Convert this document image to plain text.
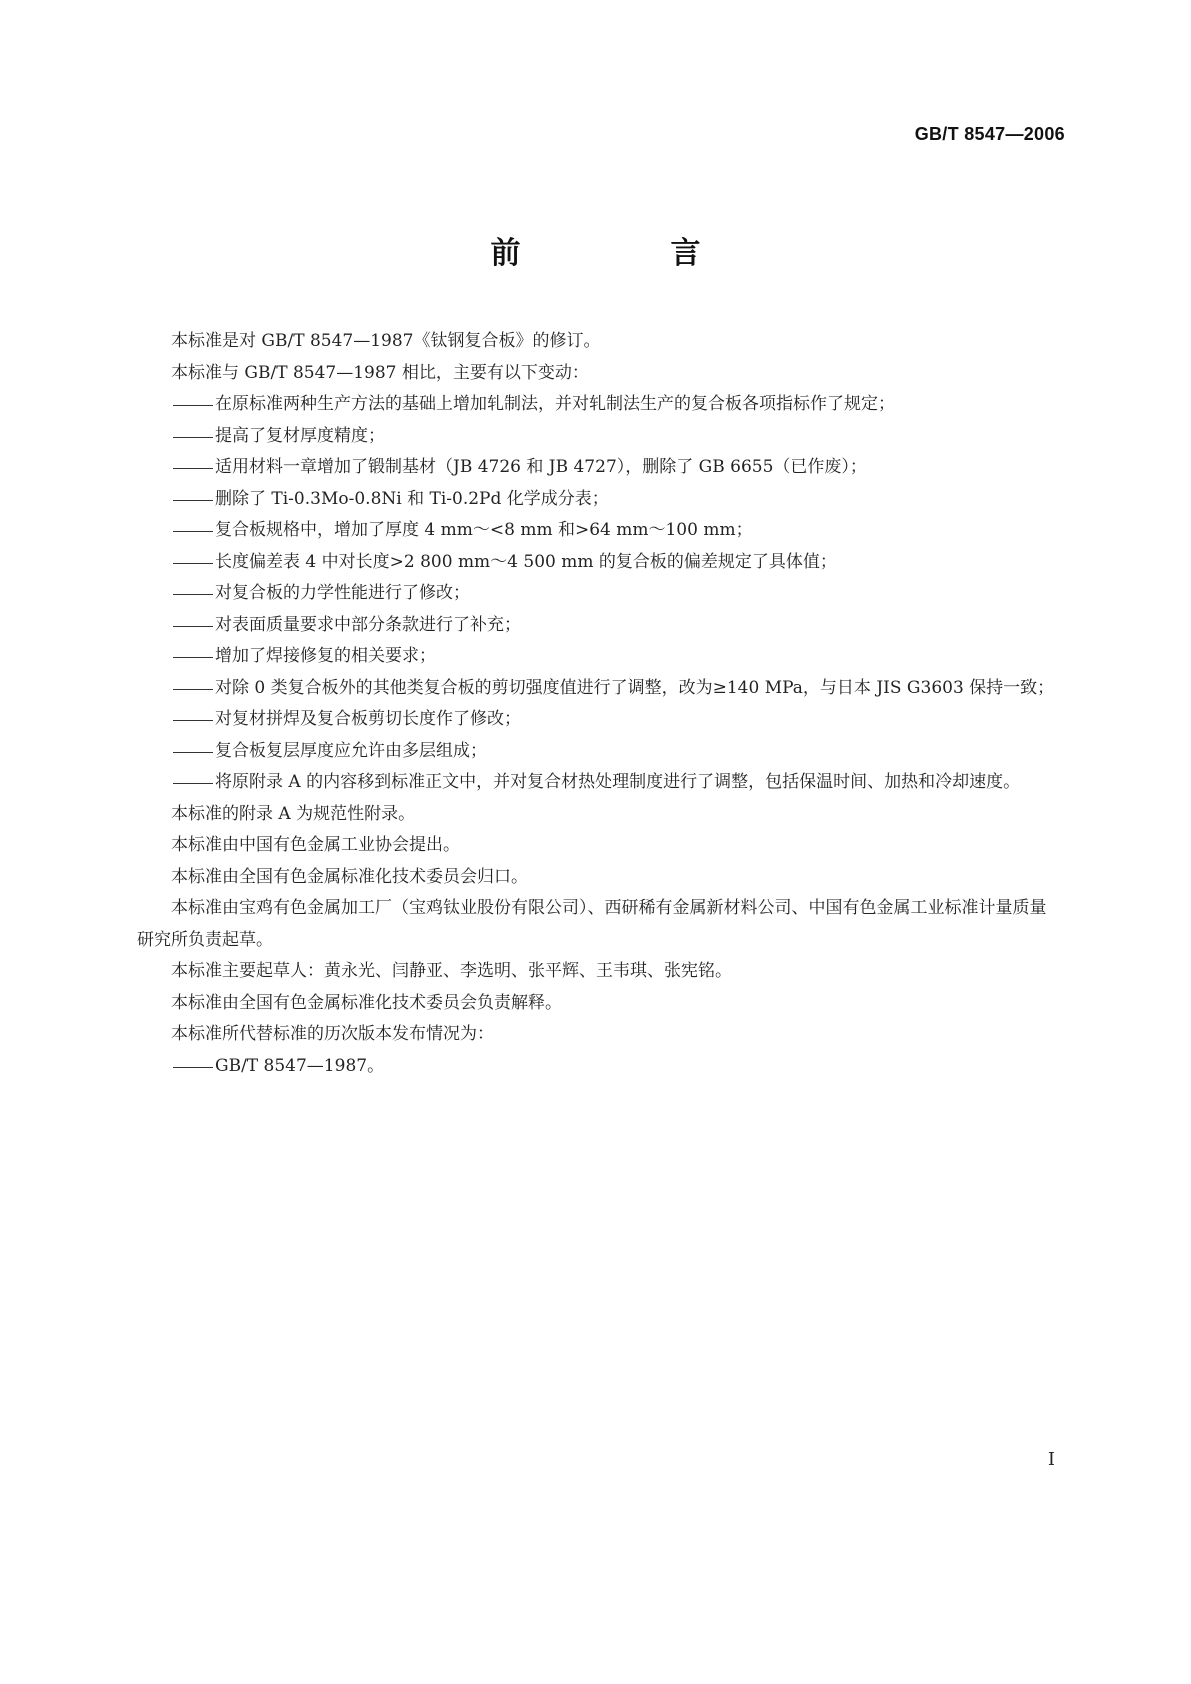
GB/T 8547—2006
前　言

本标准是对 GB/T 8547—1987《钛钢复合板》的修订。

本标准与 GB/T 8547—1987 相比，主要有以下变动：

在原标准两种生产方法的基础上增加轧制法，并对轧制法生产的复合板各项指标作了规定；

提高了复材厚度精度；

适用材料一章增加了锻制基材（JB 4726 和 JB 4727），删除了 GB 6655（已作废）；

删除了 Ti-0.3Mo-0.8Ni 和 Ti-0.2Pd 化学成分表；

复合板规格中，增加了厚度 4 mm～<8 mm 和>64 mm～100 mm；

长度偏差表 4 中对长度>2 800 mm～4 500 mm 的复合板的偏差规定了具体值；

对复合板的力学性能进行了修改；

对表面质量要求中部分条款进行了补充；

增加了焊接修复的相关要求；

对除 0 类复合板外的其他类复合板的剪切强度值进行了调整，改为≥140 MPa，与日本 JIS G3603 保持一致；

对复材拼焊及复合板剪切长度作了修改；

复合板复层厚度应允许由多层组成；

将原附录 A 的内容移到标准正文中，并对复合材热处理制度进行了调整，包括保温时间、加热和冷却速度。

本标准的附录 A 为规范性附录。

本标准由中国有色金属工业协会提出。

本标准由全国有色金属标准化技术委员会归口。

本标准由宝鸡有色金属加工厂（宝鸡钛业股份有限公司）、西研稀有金属新材料公司、中国有色金属工业标准计量质量研究所负责起草。

本标准主要起草人：黄永光、闫静亚、李选明、张平辉、王韦琪、张宪铭。

本标准由全国有色金属标准化技术委员会负责解释。

本标准所代替标准的历次版本发布情况为：

GB/T 8547—1987。

I
